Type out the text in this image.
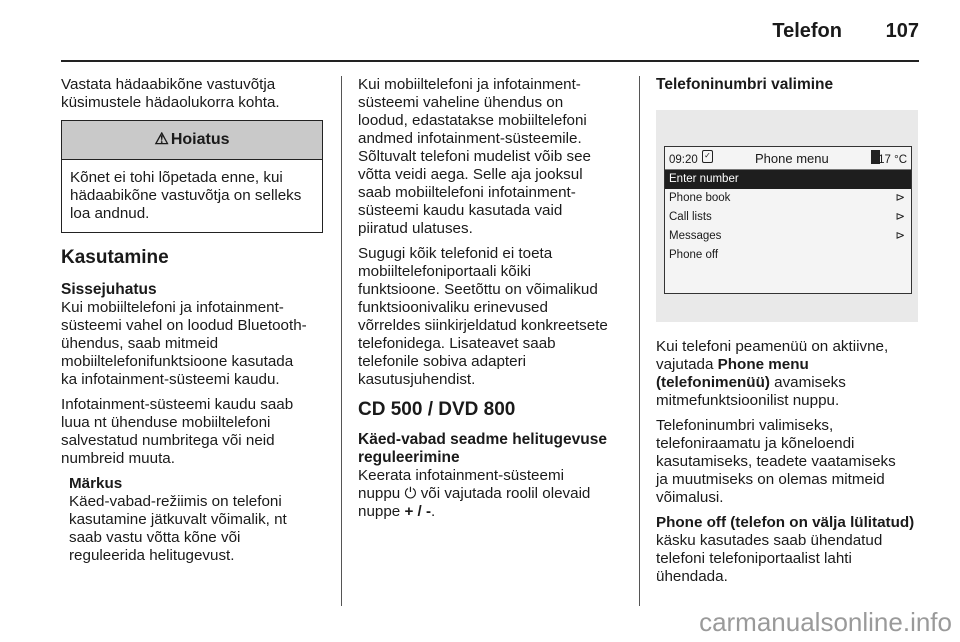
Telefon 107

Vastata hädaabikõne vastuvõtja
küsimustele hädaolukorra kohta.

⚠ Hoiatus
Kõnet ei tohi lõpetada enne, kui
hädaabikõne vastuvõtja on selleks
loa andnud.
Kasutamine
Sissejuhatus

Kui mobiiltelefoni ja infotainment-
süsteemi vahel on loodud Bluetooth-
ühendus, saab mitmeid
mobiiltelefonifunktsioone kasutada
ka infotainment-süsteemi kaudu.

Infotainment-süsteemi kaudu saab
luua nt ühenduse mobiiltelefoni
salvestatud numbritega või neid
numbreid muuta.

Märkus

Käed-vabad-režiimis on telefoni
kasutamine jätkuvalt võimalik, nt
saab vastu võtta kõne või
reguleerida helitugevust.

Kui mobiiltelefoni ja infotainment-
süsteemi vaheline ühendus on
loodud, edastatakse mobiiltelefoni
andmed infotainment-süsteemile.
Sõltuvalt telefoni mudelist võib see
võtta veidi aega. Selle aja jooksul
saab mobiiltelefoni infotainment-
süsteemi kaudu kasutada vaid
piiratud ulatuses.

Sugugi kõik telefonid ei toeta
mobiiltelefoniportaali kõiki
funktsioone. Seetõttu on võimalikud
funktsioonivaliku erinevused
võrreldes siinkirjeldatud konkreetsete
telefonidega. Lisateavet saab
telefonile sobiva adapteri
kasutusjuhendist.

CD 500 / DVD 800
Käed-vabad seadme helitugevuse
reguleerimine

Keerata infotainment-süsteemi
nuppu ⏻ või vajutada roolil olevaid
nuppe + / -.

Telefoninumbri valimine
09:20 ✓	Phone menu	17 °C
Enter number
Phone book	⊳
Call lists	⊳
Messages	⊳
Phone off

Kui telefoni peamenüü on aktiivne,
vajutada Phone menu
(telefonimenüü) avamiseks
mitmefunktsioonilist nuppu.

Telefoninumbri valimiseks,
telefoniraamatu ja kõneloendi
kasutamiseks, teadete vaatamiseks
ja muutmiseks on olemas mitmeid
võimalusi.

Phone off (telefon on välja lülitatud)
käsku kasutades saab ühendatud
telefoni telefoniportaalist lahti
ühendada.

carmanualsonline.info
